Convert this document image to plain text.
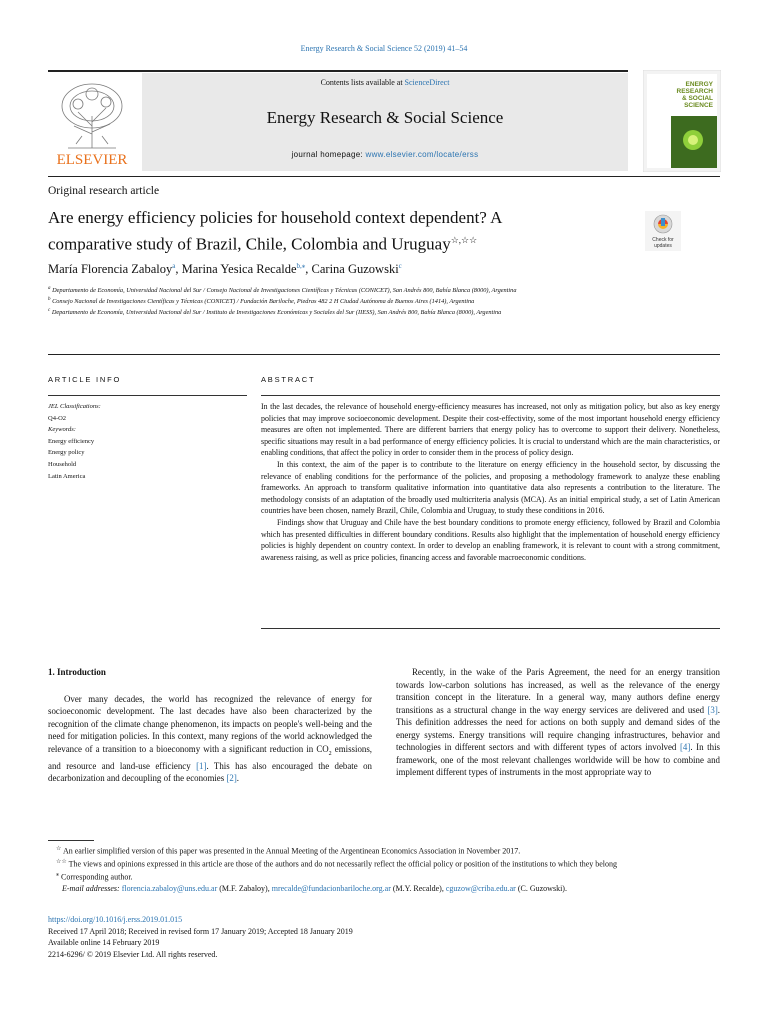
Energy Research & Social Science 52 (2019) 41–54
ELSEVIER
Contents lists available at ScienceDirect
Energy Research & Social Science
journal homepage: www.elsevier.com/locate/erss
ENERGY
RESEARCH
& SOCIAL
SCIENCE
Original research article
Are energy efficiency policies for household context dependent? A
comparative study of Brazil, Chile, Colombia and Uruguay☆,☆☆	Check for
updates
María Florencia Zabaloy$^a$, Marina Yesica Recalde$^{b,⁎}$, Carina Guzowski$^c$
$^a$ Departamento de Economía, Universidad Nacional del Sur / Consejo Nacional de Investigaciones Científicas y Técnicas (CONICET), San Andrés 800, Bahía Blanca (8000), Argentina
$^b$ Consejo Nacional de Investigaciones Científicas y Técnicas (CONICET) / Fundación Bariloche, Piedras 482 2 H Ciudad Autónoma de Buenos Aires (1414), Argentina
$^c$ Departamento de Economía, Universidad Nacional del Sur / Instituto de Investigaciones Económicas y Sociales del Sur (IIESS), San Andrés 800, Bahía Blanca (8000), Argentina
ARTICLE INFO	ABSTRACT
JEL Classifications:
Q4-O2
Keywords:
Energy efficiency
Energy policy
Household
Latin America

In the last decades, the relevance of household energy-efficiency measures has increased, not only as mitigation policy, but also as key energy policies that may improve socioeconomic development. Despite their cost-effectivity, some of the most important household energy efficiency measures are often not implemented. There are different barriers that energy policy has to overcome to support their delivery. Nonetheless, specific situations may result in a bad performance of energy efficiency policies. It is crucial to understand which are the main characteristics, or enabling conditions, that affect the policy in order to consider them in the process of policy design.

In this context, the aim of the paper is to contribute to the literature on energy efficiency in the household sector, by discussing the relevance of enabling conditions for the performance of the policies, and proposing a methodology framework to analyze these enabling frameworks. An approach to transform qualitative information into quantitative data also represents a contribution to the literature. The methodology consists of an adaptation of the broadly used multicriteria analysis (MCA). As an initial empirical study, a set of Latin American countries have been chosen, namely Brazil, Chile, Colombia and Uruguay, to study these conditions in 2016.

Findings show that Uruguay and Chile have the best boundary conditions to promote energy efficiency, followed by Brazil and Colombia which has presented difficulties in different boundary conditions. Results also highlight that the implementation of household energy efficiency policies is highly dependent on country context. In order to develop an enabling framework, it is relevant to count with a strong commitment, awareness raising, as well as price policies, financing access and favorable macroeconomic conditions.

1. Introduction

Over many decades, the world has recognized the relevance of energy for socioeconomic development. The last decades have also been characterized by the recognition of the climate change phenomenon, its impacts on people's well-being and the need for mitigation policies. In this context, many regions of the world acknowledged the relevance of a transition to a bioeconomy with a significant reduction in $CO_2$ emissions, and resource and land-use efficiency [1]. This has also encouraged the debate on decarbonization and decoupling of the economies [2].

Recently, in the wake of the Paris Agreement, the need for an energy transition towards low-carbon solutions has increased, as well as the relevance of the energy transition concept in the literature. In a general way, many authors define energy transitions as a structural change in the way energy services are delivered and used [3]. This definition addresses the need for actions on both supply and demand sides of the energy systems. Energy transitions will require changing infrastructures, behavior and technologies in different sectors and with different types of actors involved [4]. In this framework, one of the most relevant challenges worldwide will be how to combine and implement different types of instruments in the most appropriate way to

☆ An earlier simplified version of this paper was presented in the Annual Meeting of the Argentinean Economics Association in November 2017.
☆☆ The views and opinions expressed in this article are those of the authors and do not necessarily reflect the official policy or position of the institutions to which they belong
⁎ Corresponding author.
E-mail addresses: florencia.zabaloy@uns.edu.ar (M.F. Zabaloy), mrecalde@fundacionbariloche.org.ar (M.Y. Recalde), cguzow@criba.edu.ar (C. Guzowski).
https://doi.org/10.1016/j.erss.2019.01.015
Received 17 April 2018; Received in revised form 17 January 2019; Accepted 18 January 2019
Available online 14 February 2019
2214-6296/ © 2019 Elsevier Ltd. All rights reserved.
